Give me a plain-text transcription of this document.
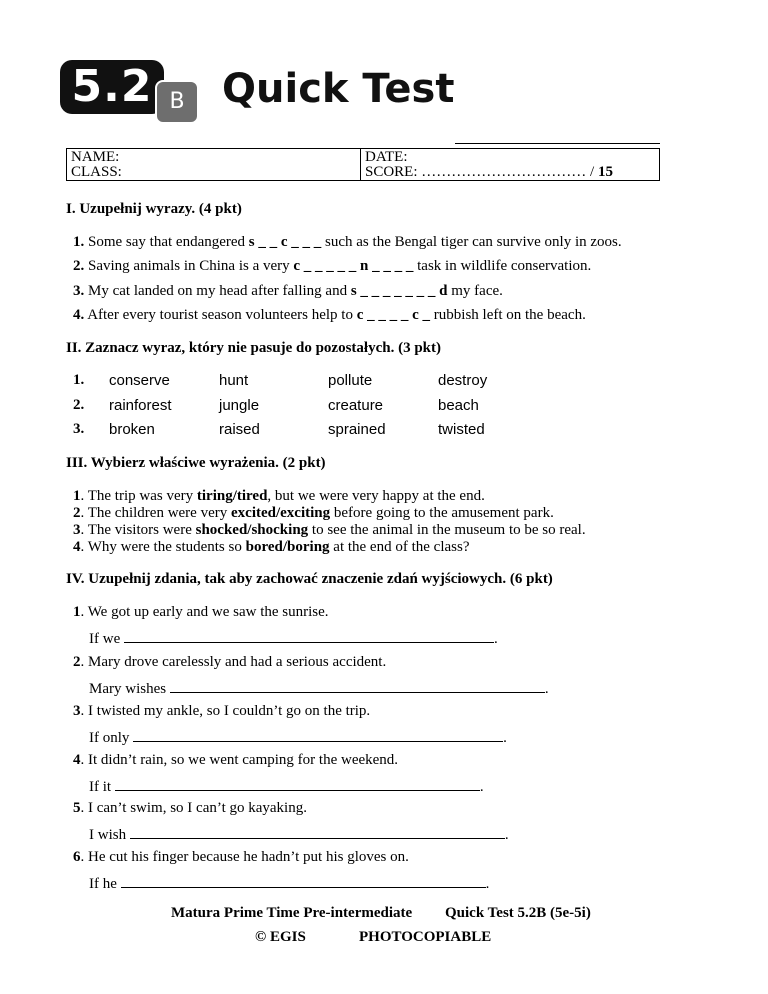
5.2 B Quick Test
NAME:
CLASS:
DATE:
SCORE: …………………………… / 15
I. Uzupełnij wyrazy. (4 pkt)
1. Some say that endangered s _ _ c _ _ _ such as the Bengal tiger can survive only in zoos.
2. Saving animals in China is a very c _ _ _ _ _ n _ _ _ _ task in wildlife conservation.
3. My cat landed on my head after falling and s _ _ _ _ _ _ _ d my face.
4. After every tourist season volunteers help to c _ _ _ _ c _ rubbish left on the beach.
II. Zaznacz wyraz, który nie pasuje do pozostałych. (3 pkt)
1. conserve	hunt	pollute	destroy
2. rainforest	jungle	creature	beach
3. broken	raised	sprained	twisted
III. Wybierz właściwe wyrażenia. (2 pkt)
1. The trip was very tiring/tired, but we were very happy at the end.
2. The children were very excited/exciting before going to the amusement park.
3. The visitors were shocked/shocking to see the animal in the museum to be so real.
4. Why were the students so bored/boring at the end of the class?
IV. Uzupełnij zdania, tak aby zachować znaczenie zdań wyjściowych. (6 pkt)
1. We got up early and we saw the sunrise.
If we	.
2. Mary drove carelessly and had a serious accident.
Mary wishes	.
3. I twisted my ankle, so I couldn’t go on the trip.
If only	.
4. It didn’t rain, so we went camping for the weekend.
If it	.
5. I can’t swim, so I can’t go kayaking.
I wish	.
6. He cut his finger because he hadn’t put his gloves on.
If he	.
Matura Prime Time Pre-intermediate Quick Test 5.2B (5e-5i)
© EGIS	PHOTOCOPIABLE
